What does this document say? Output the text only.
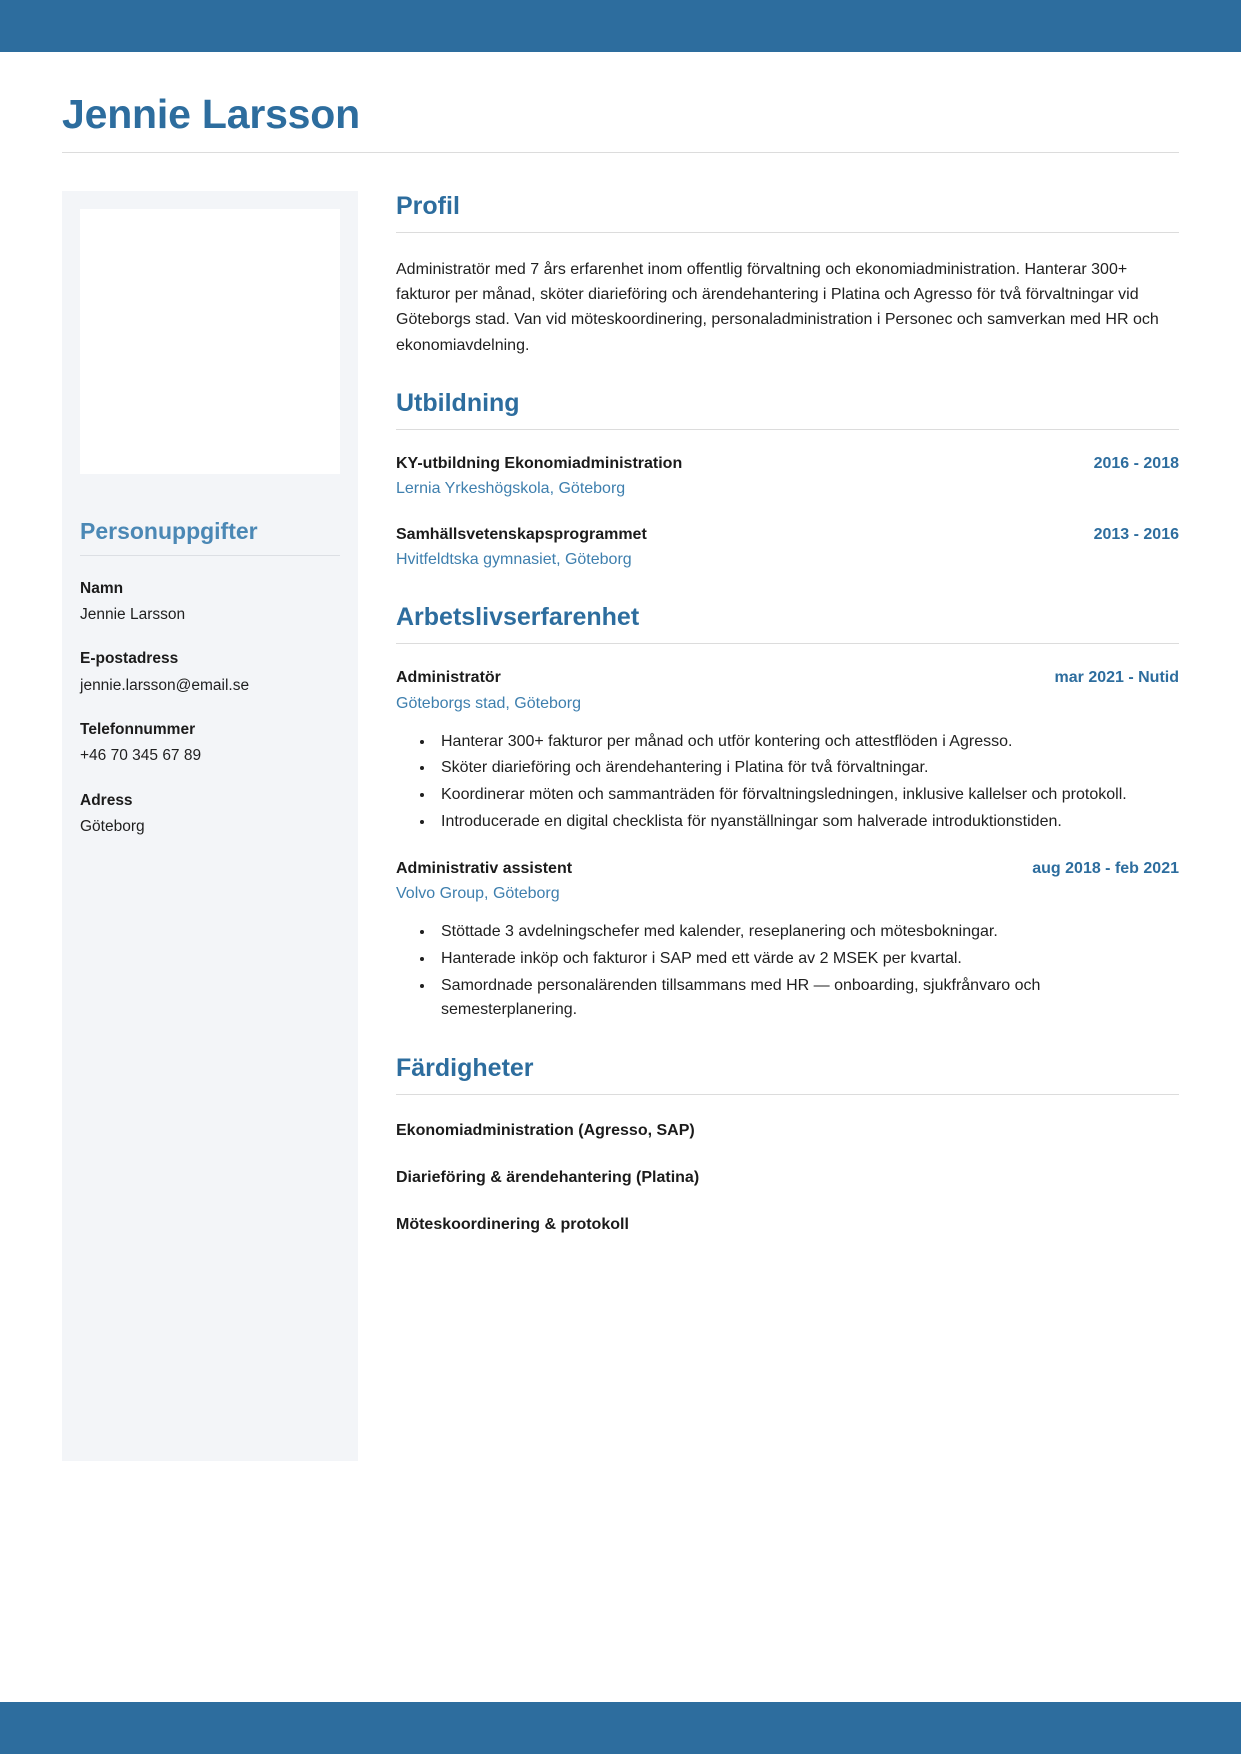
Jennie Larsson
Personuppgifter
Namn
Jennie Larsson
E-postadress
jennie.larsson@email.se
Telefonnummer
+46 70 345 67 89
Adress
Göteborg
Profil

Administratör med 7 års erfarenhet inom offentlig förvaltning och ekonomiadministration. Hanterar 300+ fakturor per månad, sköter diarieföring och ärendehantering i Platina och Agresso för två förvaltningar vid Göteborgs stad. Van vid möteskoordinering, personaladministration i Personec och samverkan med HR och ekonomiavdelning.

Utbildning
KY-utbildning Ekonomiadministration	2016 - 2018
Lernia Yrkeshögskola, Göteborg
Samhällsvetenskapsprogrammet	2013 - 2016
Hvitfeldtska gymnasiet, Göteborg
Arbetslivserfarenhet
Administratör	mar 2021 - Nutid
Göteborgs stad, Göteborg
• Hanterar 300+ fakturor per månad och utför kontering och attestflöden i Agresso.
• Sköter diarieföring och ärendehantering i Platina för två förvaltningar.
• Koordinerar möten och sammanträden för förvaltningsledningen, inklusive kallelser och protokoll.
• Introducerade en digital checklista för nyanställningar som halverade introduktionstiden.
Administrativ assistent	aug 2018 - feb 2021
Volvo Group, Göteborg
• Stöttade 3 avdelningschefer med kalender, reseplanering och mötesbokningar.
• Hanterade inköp och fakturor i SAP med ett värde av 2 MSEK per kvartal.
• Samordnade personalärenden tillsammans med HR — onboarding, sjukfrånvaro och semesterplanering.
Färdigheter
Ekonomiadministration (Agresso, SAP)
Diarieföring & ärendehantering (Platina)
Möteskoordinering & protokoll
